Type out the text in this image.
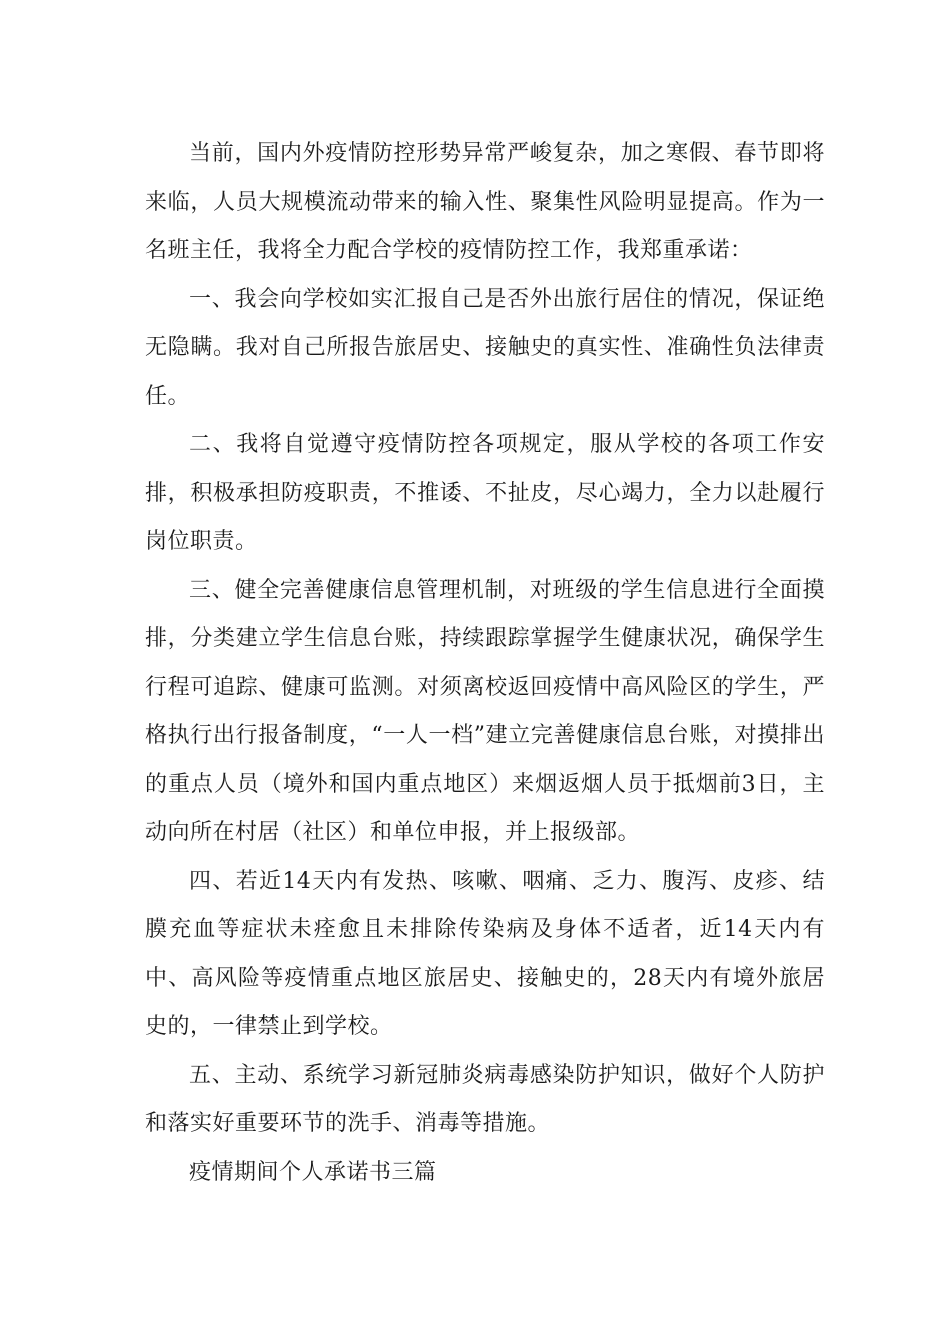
当前，国内外疫情防控形势异常严峻复杂，加之寒假、春节即将来临，人员大规模流动带来的输入性、聚集性风险明显提高。作为一名班主任，我将全力配合学校的疫情防控工作，我郑重承诺：

一、我会向学校如实汇报自己是否外出旅行居住的情况，保证绝无隐瞒。我对自己所报告旅居史、接触史的真实性、准确性负法律责任。

二、我将自觉遵守疫情防控各项规定，服从学校的各项工作安排，积极承担防疫职责，不推诿、不扯皮，尽心竭力，全力以赴履行岗位职责。

三、健全完善健康信息管理机制，对班级的学生信息进行全面摸排，分类建立学生信息台账，持续跟踪掌握学生健康状况，确保学生行程可追踪、健康可监测。对须离校返回疫情中高风险区的学生，严格执行出行报备制度，“一人一档”建立完善健康信息台账，对摸排出的重点人员（境外和国内重点地区）来烟返烟人员于抵烟前3日，主动向所在村居（社区）和单位申报，并上报级部。

四、若近14天内有发热、咳嗽、咽痛、乏力、腹泻、皮疹、结膜充血等症状未痊愈且未排除传染病及身体不适者，近14天内有中、高风险等疫情重点地区旅居史、接触史的，28天内有境外旅居史的，一律禁止到学校。

五、主动、系统学习新冠肺炎病毒感染防护知识，做好个人防护和落实好重要环节的洗手、消毒等措施。

疫情期间个人承诺书三篇
